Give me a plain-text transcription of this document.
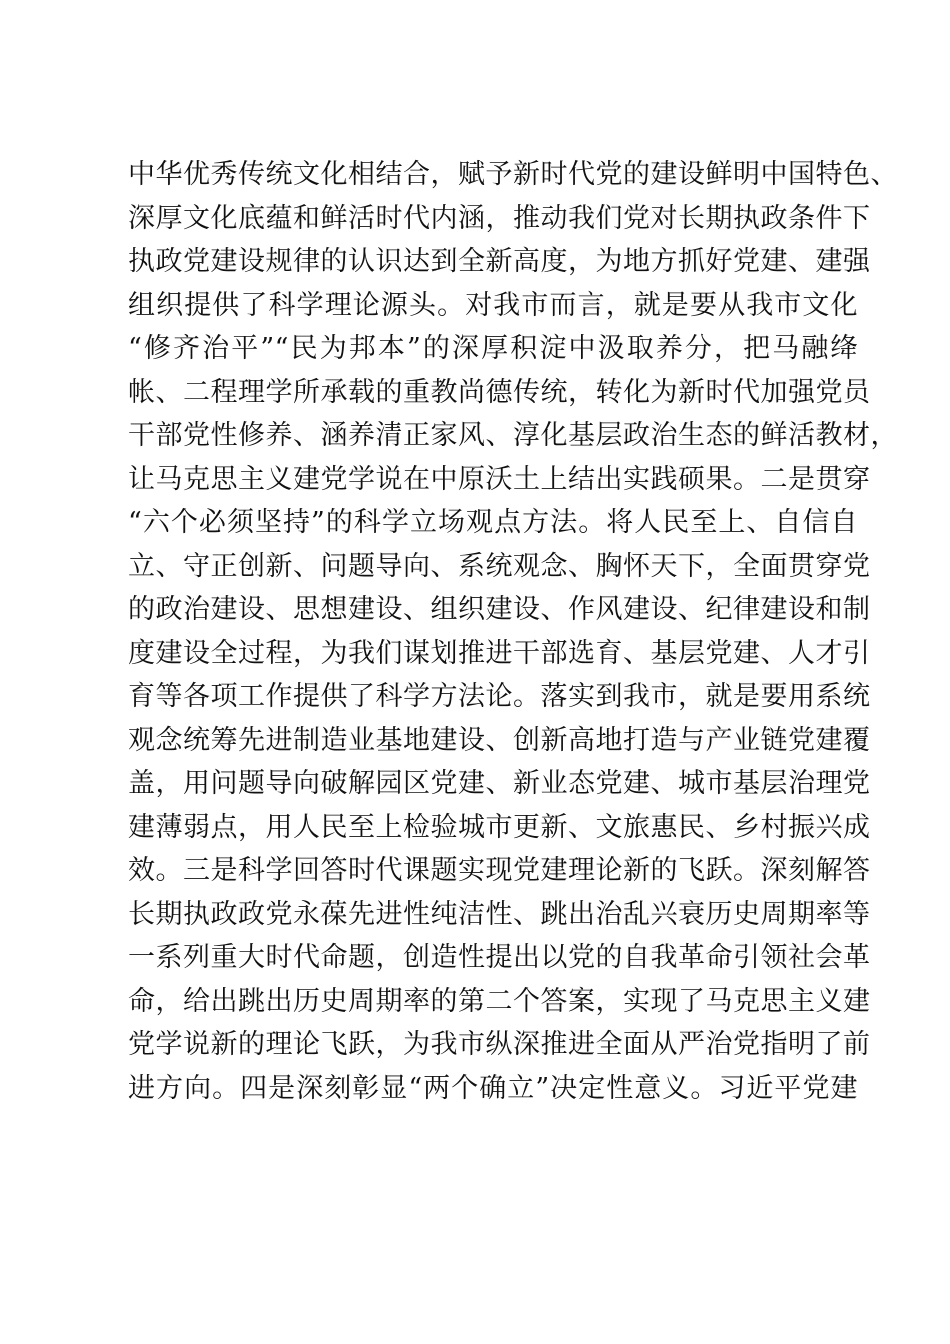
中华优秀传统文化相结合，赋予新时代党的建设鲜明中国特色、
深厚文化底蕴和鲜活时代内涵，推动我们党对长期执政条件下
执政党建设规律的认识达到全新高度，为地方抓好党建、建强
组织提供了科学理论源头。对我市而言，就是要从我市文化
“修齐治平”“民为邦本”的深厚积淀中汲取养分，把马融绛
帐、二程理学所承载的重教尚德传统，转化为新时代加强党员
干部党性修养、涵养清正家风、淳化基层政治生态的鲜活教材，
让马克思主义建党学说在中原沃土上结出实践硕果。二是贯穿
“六个必须坚持”的科学立场观点方法。将人民至上、自信自
立、守正创新、问题导向、系统观念、胸怀天下，全面贯穿党
的政治建设、思想建设、组织建设、作风建设、纪律建设和制
度建设全过程，为我们谋划推进干部选育、基层党建、人才引
育等各项工作提供了科学方法论。落实到我市，就是要用系统
观念统筹先进制造业基地建设、创新高地打造与产业链党建覆
盖，用问题导向破解园区党建、新业态党建、城市基层治理党
建薄弱点，用人民至上检验城市更新、文旅惠民、乡村振兴成
效。三是科学回答时代课题实现党建理论新的飞跃。深刻解答
长期执政政党永葆先进性纯洁性、跳出治乱兴衰历史周期率等
一系列重大时代命题，创造性提出以党的自我革命引领社会革
命，给出跳出历史周期率的第二个答案，实现了马克思主义建
党学说新的理论飞跃，为我市纵深推进全面从严治党指明了前
进方向。四是深刻彰显“两个确立”决定性意义。习近平党建
